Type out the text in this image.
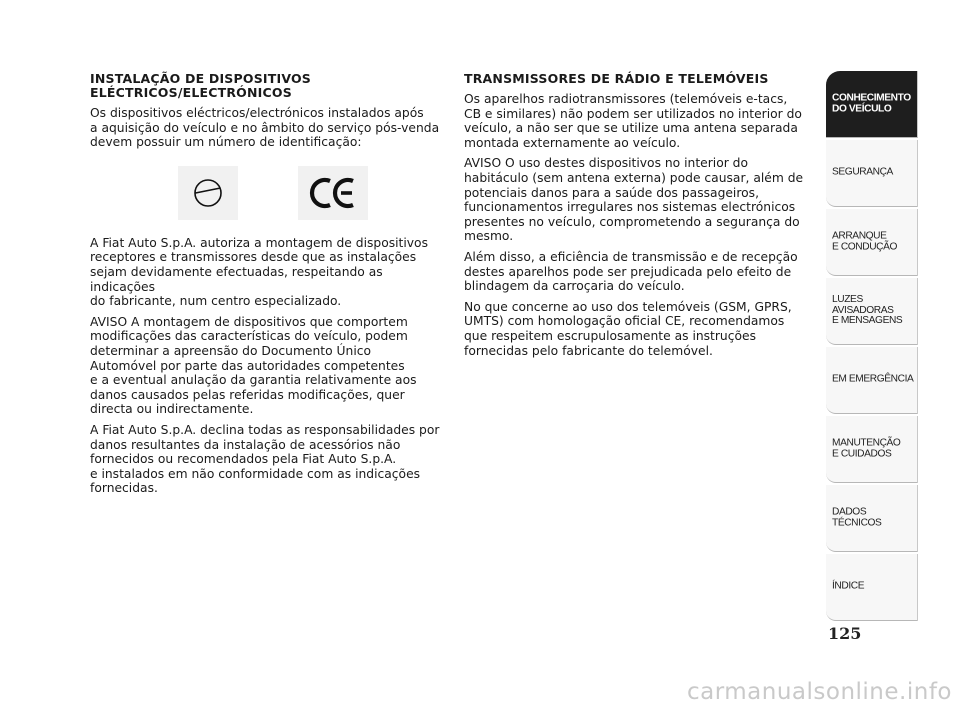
INSTALAÇÃO DE DISPOSITIVOS
ELÉCTRICOS/ELECTRÓNICOS

Os dispositivos eléctricos/electrónicos instalados após
a aquisição do veículo e no âmbito do serviço pós-venda
devem possuir um número de identificação:

A Fiat Auto S.p.A. autoriza a montagem de dispositivos
receptores e transmissores desde que as instalações
sejam devidamente efectuadas, respeitando as indicações
do fabricante, num centro especializado.

AVISO A montagem de dispositivos que comportem
modificações das características do veículo, podem
determinar a apreensão do Documento Único
Automóvel por parte das autoridades competentes
e a eventual anulação da garantia relativamente aos
danos causados pelas referidas modificações, quer
directa ou indirectamente.

A Fiat Auto S.p.A. declina todas as responsabilidades por
danos resultantes da instalação de acessórios não
fornecidos ou recomendados pela Fiat Auto S.p.A.
e instalados em não conformidade com as indicações
fornecidas.

TRANSMISSORES DE RÁDIO E TELEMÓVEIS

Os aparelhos radiotransmissores (telemóveis e-tacs,
CB e similares) não podem ser utilizados no interior do
veículo, a não ser que se utilize uma antena separada
montada externamente ao veículo.

AVISO O uso destes dispositivos no interior do
habitáculo (sem antena externa) pode causar, além de
potenciais danos para a saúde dos passageiros,
funcionamentos irregulares nos sistemas electrónicos
presentes no veículo, comprometendo a segurança do
mesmo.

Além disso, a eficiência de transmissão e de recepção
destes aparelhos pode ser prejudicada pelo efeito de
blindagem da carroçaria do veículo.

No que concerne ao uso dos telemóveis (GSM, GPRS,
UMTS) com homologação oficial CE, recomendamos
que respeitem escrupulosamente as instruções
fornecidas pelo fabricante do telemóvel.

CONHECIMENTO
DO VEÍCULO
SEGURANÇA
ARRANQUE
E CONDUÇÃO
LUZES
AVISADORAS
E MENSAGENS
EM EMERGÊNCIA
MANUTENÇÃO
E CUIDADOS
DADOS
TÉCNICOS
ÍNDICE
125
carmanualsonline.info
